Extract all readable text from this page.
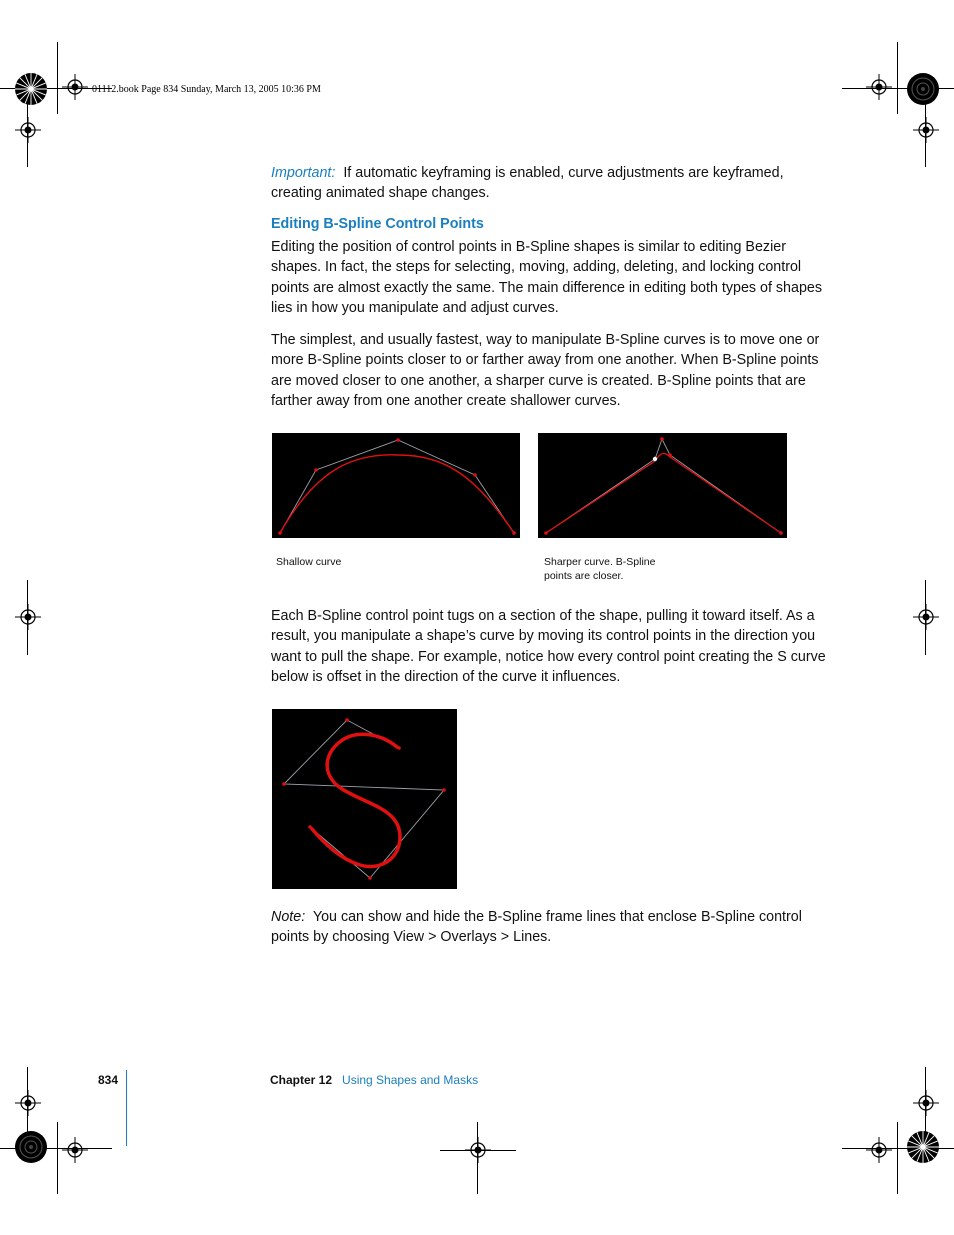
01112.book Page 834 Sunday, March 13, 2005 10:36 PM
Important: If automatic keyframing is enabled, curve adjustments are keyframed, creating animated shape changes.
Editing B-Spline Control Points
Editing the position of control points in B-Spline shapes is similar to editing Bezier shapes. In fact, the steps for selecting, moving, adding, deleting, and locking control points are almost exactly the same. The main difference in editing both types of shapes lies in how you manipulate and adjust curves.
The simplest, and usually fastest, way to manipulate B-Spline curves is to move one or more B-Spline points closer to or farther away from one another. When B-Spline points are moved closer to one another, a sharper curve is created. B-Spline points that are farther away from one another create shallower curves.
Shallow curve	Sharper curve. B-Spline
points are closer.
Each B-Spline control point tugs on a section of the shape, pulling it toward itself. As a result, you manipulate a shape’s curve by moving its control points in the direction you want to pull the shape. For example, notice how every control point creating the S curve below is offset in the direction of the curve it influences.
Note: You can show and hide the B-Spline frame lines that enclose B-Spline control points by choosing View > Overlays > Lines.
834	Chapter 12 Using Shapes and Masks
